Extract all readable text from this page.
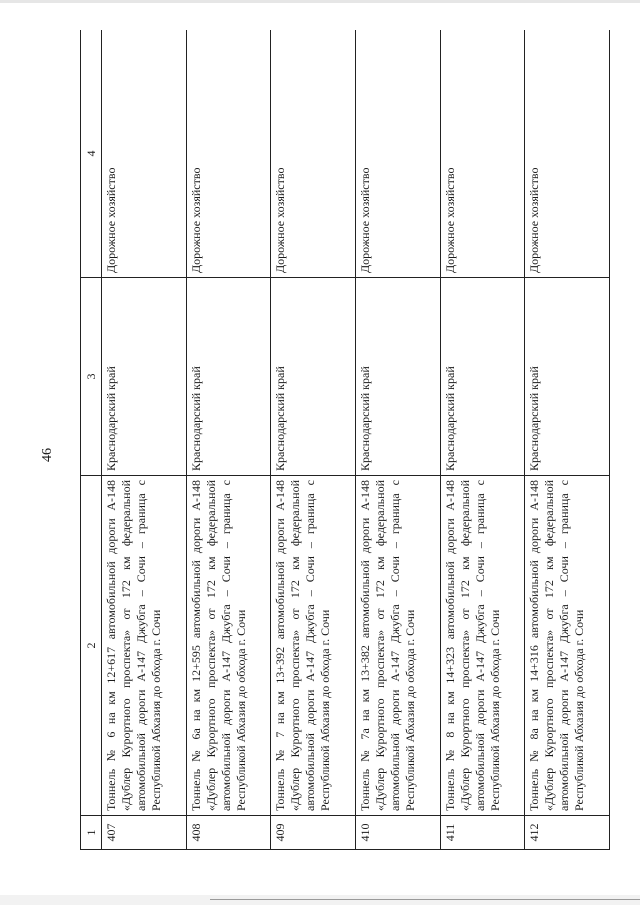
46
1	2	3	4
407	Тоннель № 6 на км 12+617 автомобильной дороги А-148 «Дублер Курортного проспекта» от 172 км федеральной автомобильной дороги А-147 Джубга – Сочи – граница с Республикой Абхазия до обхода г. Сочи	Краснодарский край	Дорожное хозяйство
408	Тоннель № 6а на км 12+595 автомобильной дороги А-148 «Дублер Курортного проспекта» от 172 км федеральной автомобильной дороги А-147 Джубга – Сочи – граница с Республикой Абхазия до обхода г. Сочи	Краснодарский край	Дорожное хозяйство
409	Тоннель № 7 на км 13+392 автомобильной дороги А-148 «Дублер Курортного проспекта» от 172 км федеральной автомобильной дороги А-147 Джубга – Сочи – граница с Республикой Абхазия до обхода г. Сочи	Краснодарский край	Дорожное хозяйство
410	Тоннель № 7а на км 13+382 автомобильной дороги А-148 «Дублер Курортного проспекта» от 172 км федеральной автомобильной дороги А-147 Джубга – Сочи – граница с Республикой Абхазия до обхода г. Сочи	Краснодарский край	Дорожное хозяйство
411	Тоннель № 8 на км 14+323 автомобильной дороги А-148 «Дублер Курортного проспекта» от 172 км федеральной автомобильной дороги А-147 Джубга – Сочи – граница с Республикой Абхазия до обхода г. Сочи	Краснодарский край	Дорожное хозяйство
412	Тоннель № 8а на км 14+316 автомобильной дороги А-148 «Дублер Курортного проспекта» от 172 км федеральной автомобильной дороги А-147 Джубга – Сочи – граница с Республикой Абхазия до обхода г. Сочи	Краснодарский край	Дорожное хозяйство
